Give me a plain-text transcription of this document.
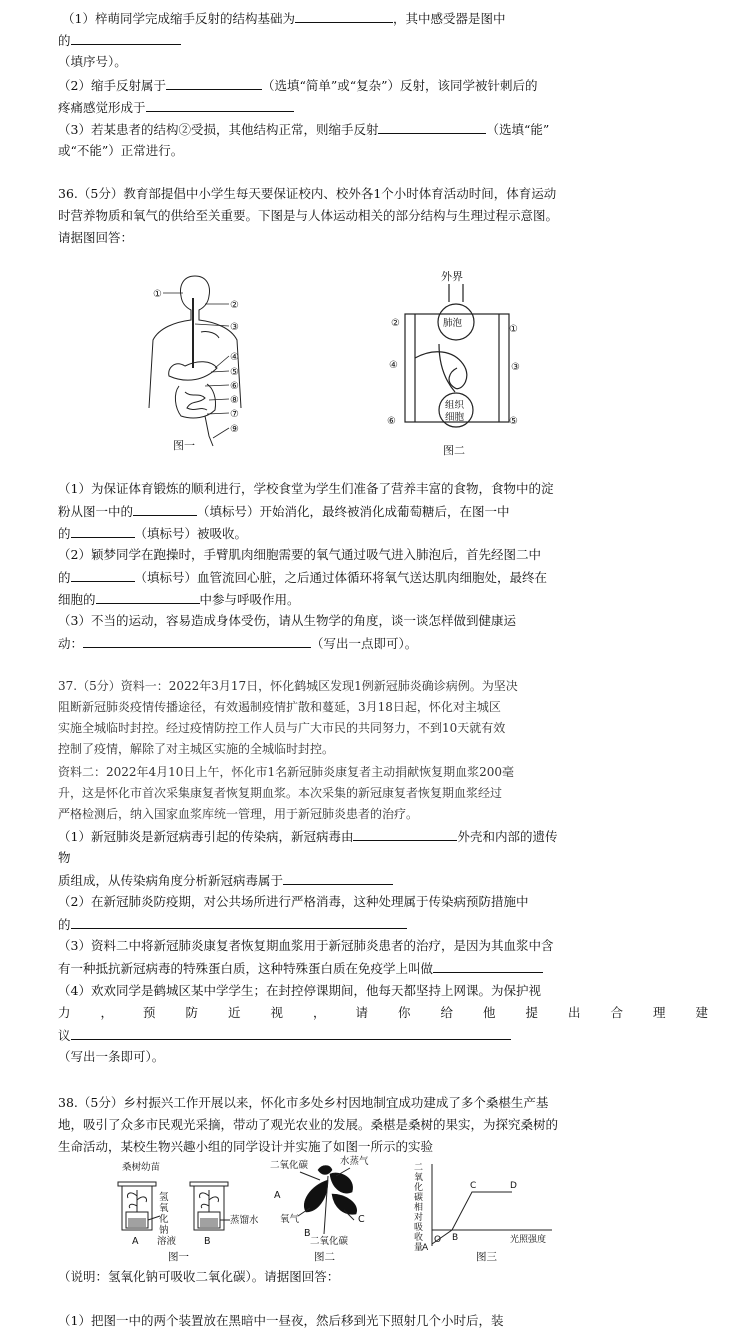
（1）梓萌同学完成缩手反射的结构基础为	，其中感受器是图中
的
（填序号）。
（2）缩手反射属于	（选填“简单”或“复杂”）反射，该同学被针刺后的
疼痛感觉形成于
（3）若某患者的结构②受损，其他结构正常，则缩手反射	（选填“能”
或“不能”）正常进行。
36.（5分）教育部提倡中小学生每天要保证校内、校外各1个小时体育活动时间，体育运动
时营养物质和氧气的供给至关重要。下图是与人体运动相关的部分结构与生理过程示意图。
请据图回答：
①
②
③
④
⑤
⑥
⑧
⑦
⑨
图一
外界
肺泡
组织
细胞
①
②
③
④
⑤
⑥
图二
（1）为保证体育锻炼的顺利进行，学校食堂为学生们准备了营养丰富的食物，食物中的淀
粉从图一中的	（填标号）开始消化，最终被消化成葡萄糖后，在图一中
的	（填标号）被吸收。
（2）颖梦同学在跑操时，手臂肌肉细胞需要的氧气通过吸气进入肺泡后，首先经图二中
的	（填标号）血管流回心脏，之后通过体循环将氧气送达肌肉细胞处，最终在
细胞的	中参与呼吸作用。
（3）不当的运动，容易造成身体受伤，请从生物学的角度，谈一谈怎样做到健康运
动：	（写出一点即可）。
37.（5分）资料一：2022年3月17日，怀化鹤城区发现1例新冠肺炎确诊病例。为坚决
阻断新冠肺炎疫情传播途径，有效遏制疫情扩散和蔓延，3月18日起，怀化对主城区
实施全城临时封控。经过疫情防控工作人员与广大市民的共同努力，不到10天就有效
控制了疫情，解除了对主城区实施的全城临时封控。
资料二：2022年4月10日上午，怀化市1名新冠肺炎康复者主动捐献恢复期血浆200毫
升，这是怀化市首次采集康复者恢复期血浆。本次采集的新冠康复者恢复期血浆经过
严格检测后，纳入国家血浆库统一管理，用于新冠肺炎患者的治疗。
（1）新冠肺炎是新冠病毒引起的传染病，新冠病毒由	外壳和内部的遗传
物
质组成，从传染病角度分析新冠病毒属于
（2）在新冠肺炎防疫期，对公共场所进行严格消毒，这种处理属于传染病预防措施中
的
（3）资料二中将新冠肺炎康复者恢复期血浆用于新冠肺炎患者的治疗，是因为其血浆中含
有一种抵抗新冠病毒的特殊蛋白质，这种特殊蛋白质在免疫学上叫做
（4）欢欢同学是鹤城区某中学学生；在封控停课期间，他每天都坚持上网课。为保护视
力，预防近视，请你给他提出合理建
议
（写出一条即可）。
38.（5分）乡村振兴工作开展以来，怀化市多处乡村因地制宜成功建成了多个桑椹生产基
地，吸引了众多市民观光采摘，带动了观光农业的发展。桑椹是桑树的果实，为探究桑树的
生命活动，某校生物兴趣小组的同学设计并实施了如图一所示的实验
桑树幼苗
氢
氧
化
钠
溶液
蒸馏水
A	B
图一
二氧化碳	水蒸气
A
氧气
B
C
二氧化碳
图二
二
氧
化
碳
相
对
吸
收
量
O
A
B
C	D
光照强度
图三
（说明：氢氧化钠可吸收二氧化碳）。请据图回答：
（1）把图一中的两个装置放在黑暗中一昼夜，然后移到光下照射几个小时后，装
